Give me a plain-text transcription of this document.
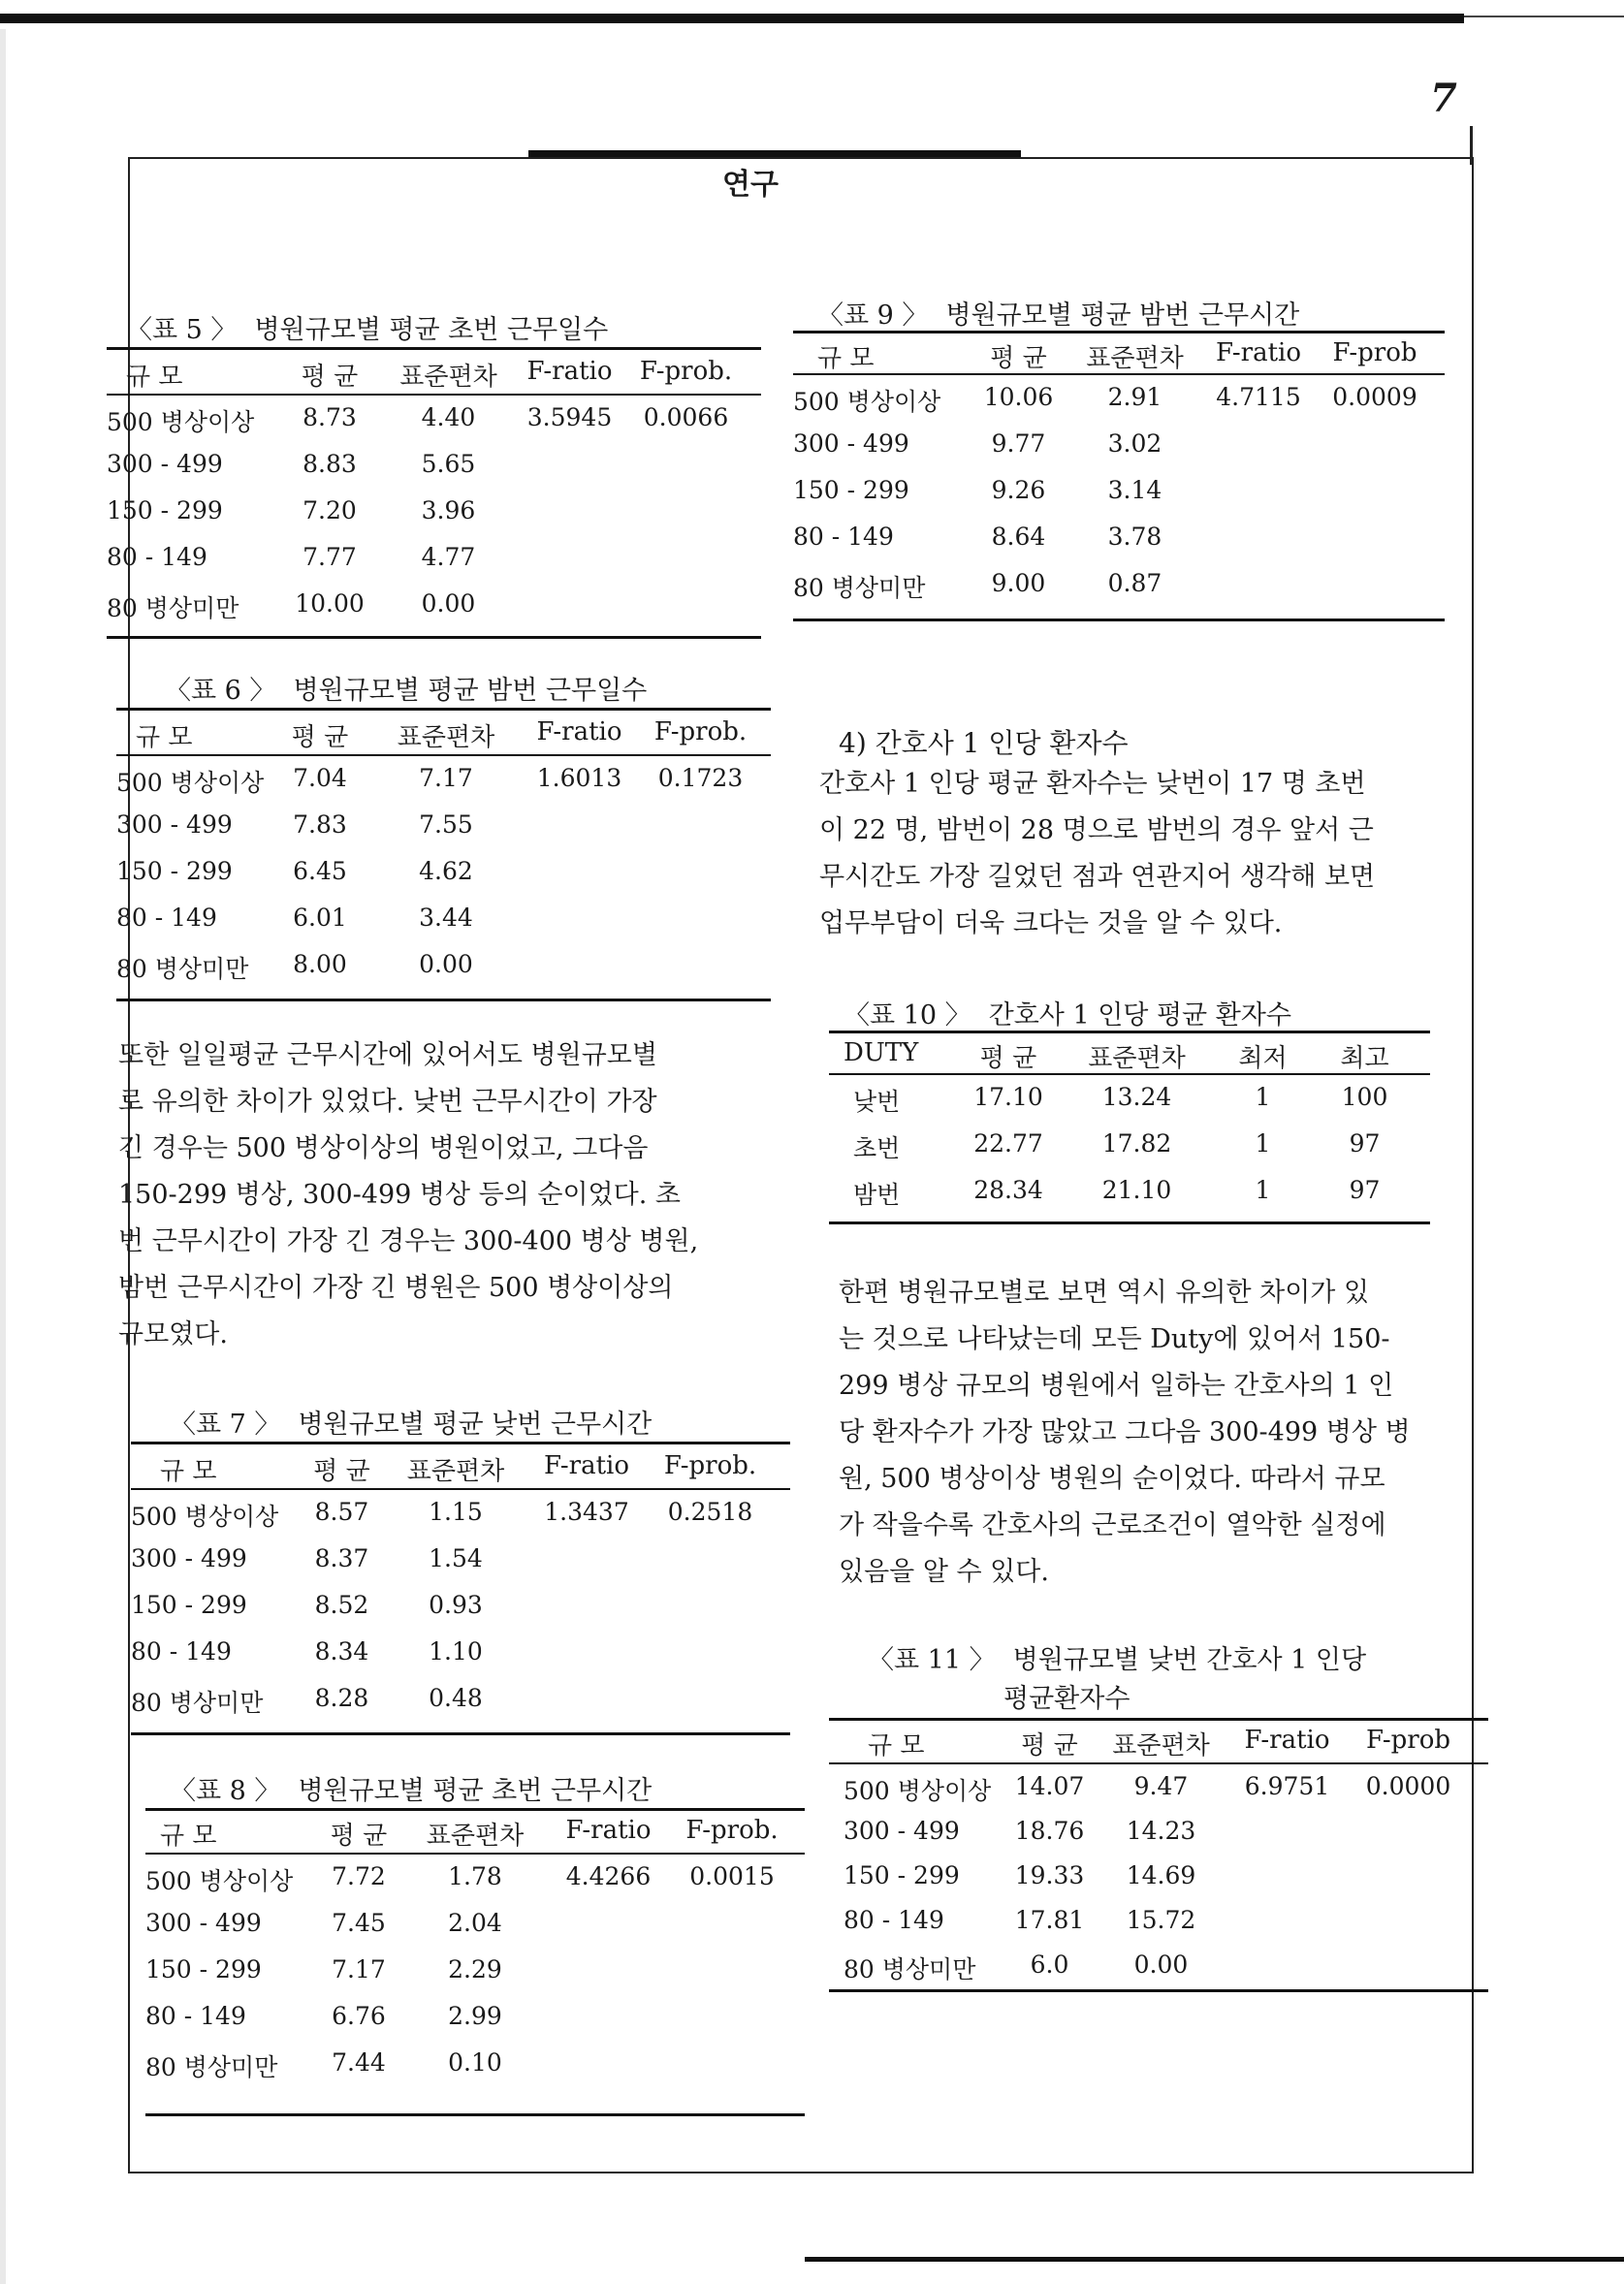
7
연구
〈표 5 〉 병원규모별 평균 초번 근무일수
규 모	평 균	표준편차	F-ratio	F-prob.
500 병상이상	8.73	4.40	3.5945	0.0066
300 - 499	8.83	5.65
150 - 299	7.20	3.96
80 - 149	7.77	4.77
80 병상미만	10.00	0.00
〈표 9 〉 병원규모별 평균 밤번 근무시간
규 모	평 균	표준편차	F-ratio	F-prob
500 병상이상	10.06	2.91	4.7115	0.0009
300 - 499	9.77	3.02
150 - 299	9.26	3.14
80 - 149	8.64	3.78
80 병상미만	9.00	0.87
〈표 6 〉 병원규모별 평균 밤번 근무일수
규 모	평 균	표준편차	F-ratio	F-prob.
500 병상이상	7.04	7.17	1.6013	0.1723
300 - 499	7.83	7.55
150 - 299	6.45	4.62
80 - 149	6.01	3.44
80 병상미만	8.00	0.00
4) 간호사 1 인당 환자수
간호사 1 인당 평균 환자수는 낮번이 17 명 초번
이 22 명, 밤번이 28 명으로 밤번의 경우 앞서 근
무시간도 가장 길었던 점과 연관지어 생각해 보면
업무부담이 더욱 크다는 것을 알 수 있다.
〈표 10 〉 간호사 1 인당 평균 환자수
DUTY	평 균	표준편차	최저	최고
낮번	17.10	13.24	1	100
초번	22.77	17.82	1	97
밤번	28.34	21.10	1	97
또한 일일평균 근무시간에 있어서도 병원규모별
로 유의한 차이가 있었다. 낮번 근무시간이 가장
긴 경우는 500 병상이상의 병원이었고, 그다음
150-299 병상, 300-499 병상 등의 순이었다. 초
번 근무시간이 가장 긴 경우는 300-400 병상 병원,
밤번 근무시간이 가장 긴 병원은 500 병상이상의
규모였다.
한편 병원규모별로 보면 역시 유의한 차이가 있
는 것으로 나타났는데 모든 Duty에 있어서 150-
299 병상 규모의 병원에서 일하는 간호사의 1 인
당 환자수가 가장 많았고 그다음 300-499 병상 병
원, 500 병상이상 병원의 순이었다. 따라서 규모
가 작을수록 간호사의 근로조건이 열악한 실정에
있음을 알 수 있다.
〈표 7 〉 병원규모별 평균 낮번 근무시간
규 모	평 균	표준편차	F-ratio	F-prob.
500 병상이상	8.57	1.15	1.3437	0.2518
300 - 499	8.37	1.54
150 - 299	8.52	0.93
80 - 149	8.34	1.10
80 병상미만	8.28	0.48
〈표 11 〉 병원규모별 낮번 간호사 1 인당
평균환자수
규 모	평 균	표준편차	F-ratio	F-prob
500 병상이상 14.07	9.47	6.9751	0.0000
300 - 499	18.76	14.23
150 - 299	19.33	14.69
80 - 149	17.81	15.72
80 병상미만	6.0	0.00
〈표 8 〉 병원규모별 평균 초번 근무시간
규 모	평 균	표준편차	F-ratio	F-prob.
500 병상이상	7.72	1.78	4.4266	0.0015
300 - 499	7.45	2.04
150 - 299	7.17	2.29
80 - 149	6.76	2.99
80 병상미만	7.44	0.10
